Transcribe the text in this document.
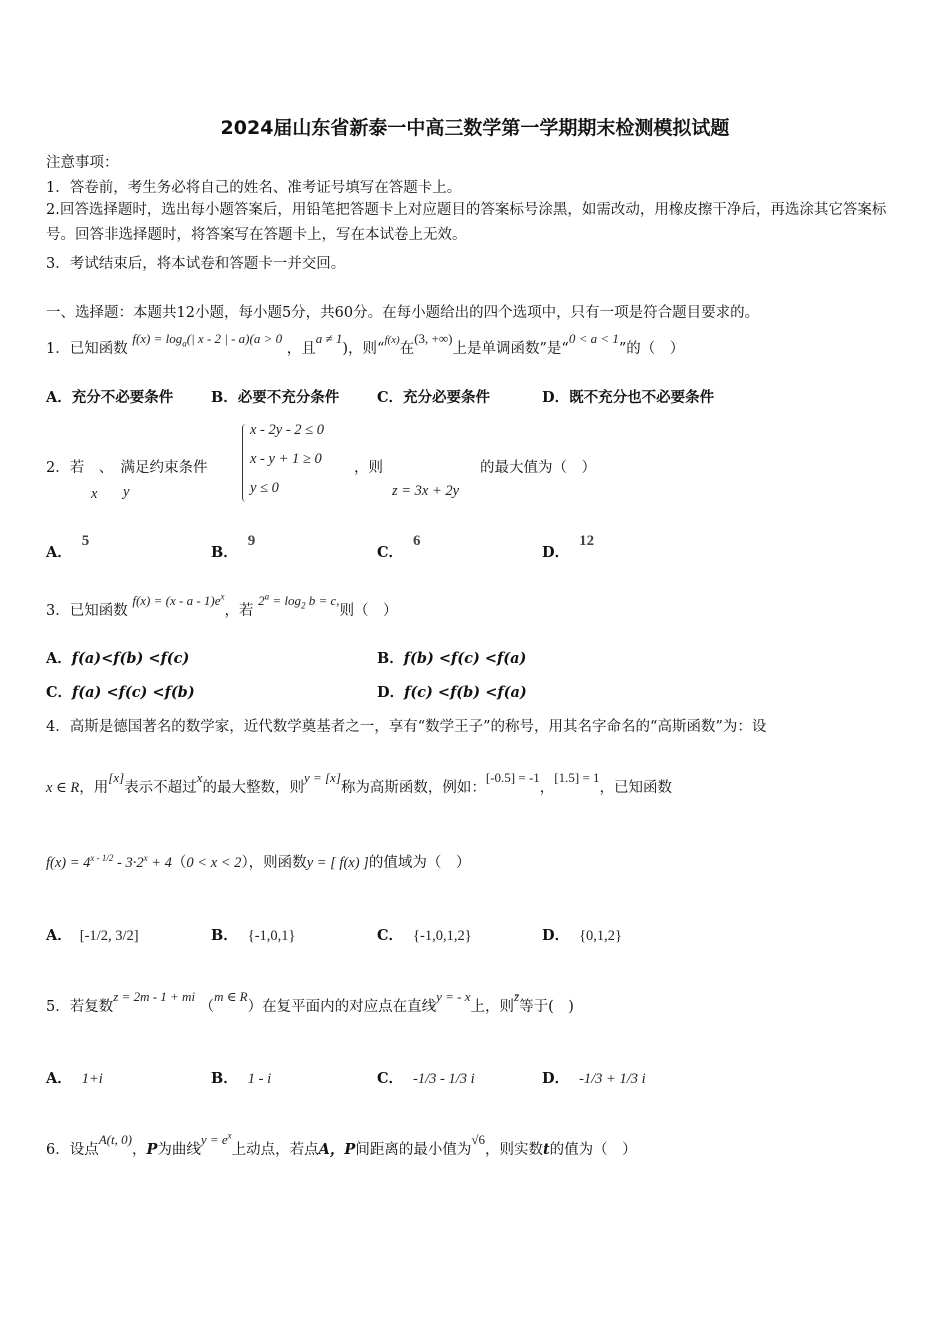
2024届山东省新泰一中高三数学第一学期期末检测模拟试题
注意事项：
1．答卷前，考生务必将自己的姓名、准考证号填写在答题卡上。
2.回答选择题时，选出每小题答案后，用铅笔把答题卡上对应题目的答案标号涂黑，如需改动，用橡皮擦干净后，再选涂其它答案标号。回答非选择题时，将答案写在答题卡上，写在本试卷上无效。
3．考试结束后，将本试卷和答题卡一并交回。
一、选择题：本题共12小题，每小题5分，共60分。在每小题给出的四个选项中，只有一项是符合题目要求的。
1．已知函数 $f(x) = \log_a(|$ x - 2 | - a)(a > 0 ，且a ≠ 1)，则“$^{f(x)}$在(3, +∞)上是单调函数”是“0 < a < 1”的（　）
A．充分不必要条件	B．必要不充分条件	C．充分必要条件	D．既不充分也不必要条件
2．若　、　满足约束条件
x y
x - 2y - 2 ≤ 0
x - y + 1 ≥ 0
y ≤ 0
，则
z = 3x + 2y
的最大值为（　）
A．5
B．9
C．6
D．12
3．已知函数 $f(x) = (x - a - 1)e^x$，若 $2^a = \log_2 b = c$,则（　）
A．f(a)<f(b) <f(c)	B．f(b) <f(c) <f(a)
C．f(a) <f(c) <f(b)	D．f(c) <f(b) <f(a)
4．高斯是德国著名的数学家，近代数学奠基者之一，享有“数学王子”的称号，用其名字命名的“高斯函数”为：设
x ∈ R，用[x]表示不超过x的最大整数，则y = [x]称为高斯函数，例如：[-0.5] = -1，[1.5] = 1，已知函数
$f(x) = 4^{x - 1/2} - 3\cdot 2^x + 4(0 < x < 2)$，则函数y = [ f(x) ]的值域为（　）
A． [-1/2, 3/2]	B． {-1,0,1}	C． {-1,0,1,2}	D． {0,1,2}
5．若复数z = 2m - 1 + mi （m ∈ R）在复平面内的对应点在直线y = - x上，则z̄等于(　)
A． 1+i	B． 1 - i	C． -1/3 - 1/3 i	D． -1/3 + 1/3 i
6．设点A(t, 0)，P为曲线$y = e^x$上动点，若点A，P间距离的最小值为√6，则实数t的值为（　）
